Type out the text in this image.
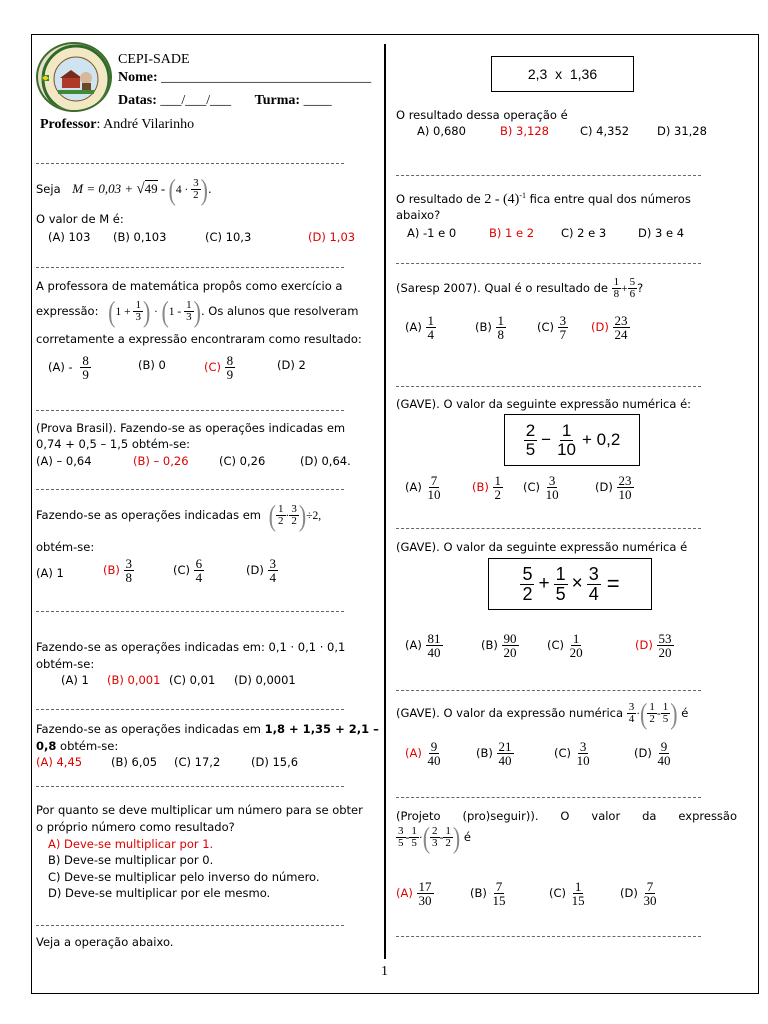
CEPI-SADE
Nome: ______________________________
Datas: ___/___/___ Turma: ____
Professor: André Vilarinho
Seja $M = 0,03 + √49 - (4 \cdot \frac{3}{2}$ ).
O valor de M é:
(A) 103 (B) 0,103	(C) 10,3	(D) 1,03
A professora de matemática propôs como exercício a
expressão: ($1 + \frac{1}{3}$ ) · ($1 - \frac{1}{3}$ ). Os alunos que resolveram
corretamente a expressão encontraram como resultado:
$(A) - \frac{8}{9}$	(B) 0	$(C) \frac{8}{9}$	(D) 2
(Prova Brasil). Fazendo-se as operações indicadas em
0,74 + 0,5 – 1,5 obtém-se:
(A) – 0,64	(B) – 0,26	(C) 0,26	(D) 0,64.
Fazendo-se as operações indicadas em ( $\frac{1}{2} \cdot \frac{3}{2} )\div 2$,
obtém-se:
(A) 1	$(B) \frac{3}{8}$	$(C) \frac{6}{4}$	$(D) \frac{3}{4}$
Fazendo-se as operações indicadas em: 0,1 · 0,1 · 0,1
obtém-se:
(A) 1 (B) 0,001 (C) 0,01 (D) 0,0001
Fazendo-se as operações indicadas em 1,8 + 1,35 + 2,1 –
0,8 obtém-se:
(A) 4,45	(B) 6,05 (C) 17,2	(D) 15,6
Por quanto se deve multiplicar um número para se obter
o próprio número como resultado?
A) Deve-se multiplicar por 1.
B) Deve-se multiplicar por 0.
C) Deve-se multiplicar pelo inverso do número.
D) Deve-se multiplicar por ele mesmo.
Veja a operação abaixo.
2,3  x  1,36
O resultado dessa operação é
A) 0,680	B) 3,128	C) 4,352 D) 31,28
O resultado de $2 - (4)^{-1}$ fica entre qual dos números
abaixo?
A) -1 e 0	B) 1 e 2 C) 2 e 3	D) 3 e 4
(Saresp 2007). Qual é o resultado de $\frac{1}{8} + \frac{5}{6}$ ?
$(A) \frac{1}{4}$	$(B) \frac{1}{8}$	$(C) \frac{3}{7} (D) \frac{23}{24}$
(GAVE). O valor da seguinte expressão numérica é:
2
$5 - \frac{1}{10} + 0,2$
$(A) \frac{7}{10}$	$(B) \frac{1}{2} (C) \frac{3}{10}$	$(D) \frac{23}{10}$
(GAVE). O valor da seguinte expressão numérica é
5
$2 + \frac{1}{5} \times \frac{3}{4}$ =
$(A) \frac{81}{40}$	$(B) \frac{90}{20} (C) \frac{1}{20}$	$(D) \frac{53}{20}$
(GAVE). O valor da expressão numérica $\frac{3}{4}$ ·( $\frac{1}{2} - \frac{1}{5}$ ) é
$(A) \frac{9}{40}$	$(B) \frac{21}{40}$	$(C) \frac{3}{10}$	$(D) \frac{9}{40}$
(Projeto      (pro)seguir)).      O      valor      da      expressão
$\frac{3}{5} - \frac{1}{5}$ ·( $\frac{2}{3} - \frac{1}{2}$ ) é
$(A) \frac{17}{30}$	$(B) \frac{7}{15}$	$(C) \frac{1}{15}$	$(D) \frac{7}{30}$
1
